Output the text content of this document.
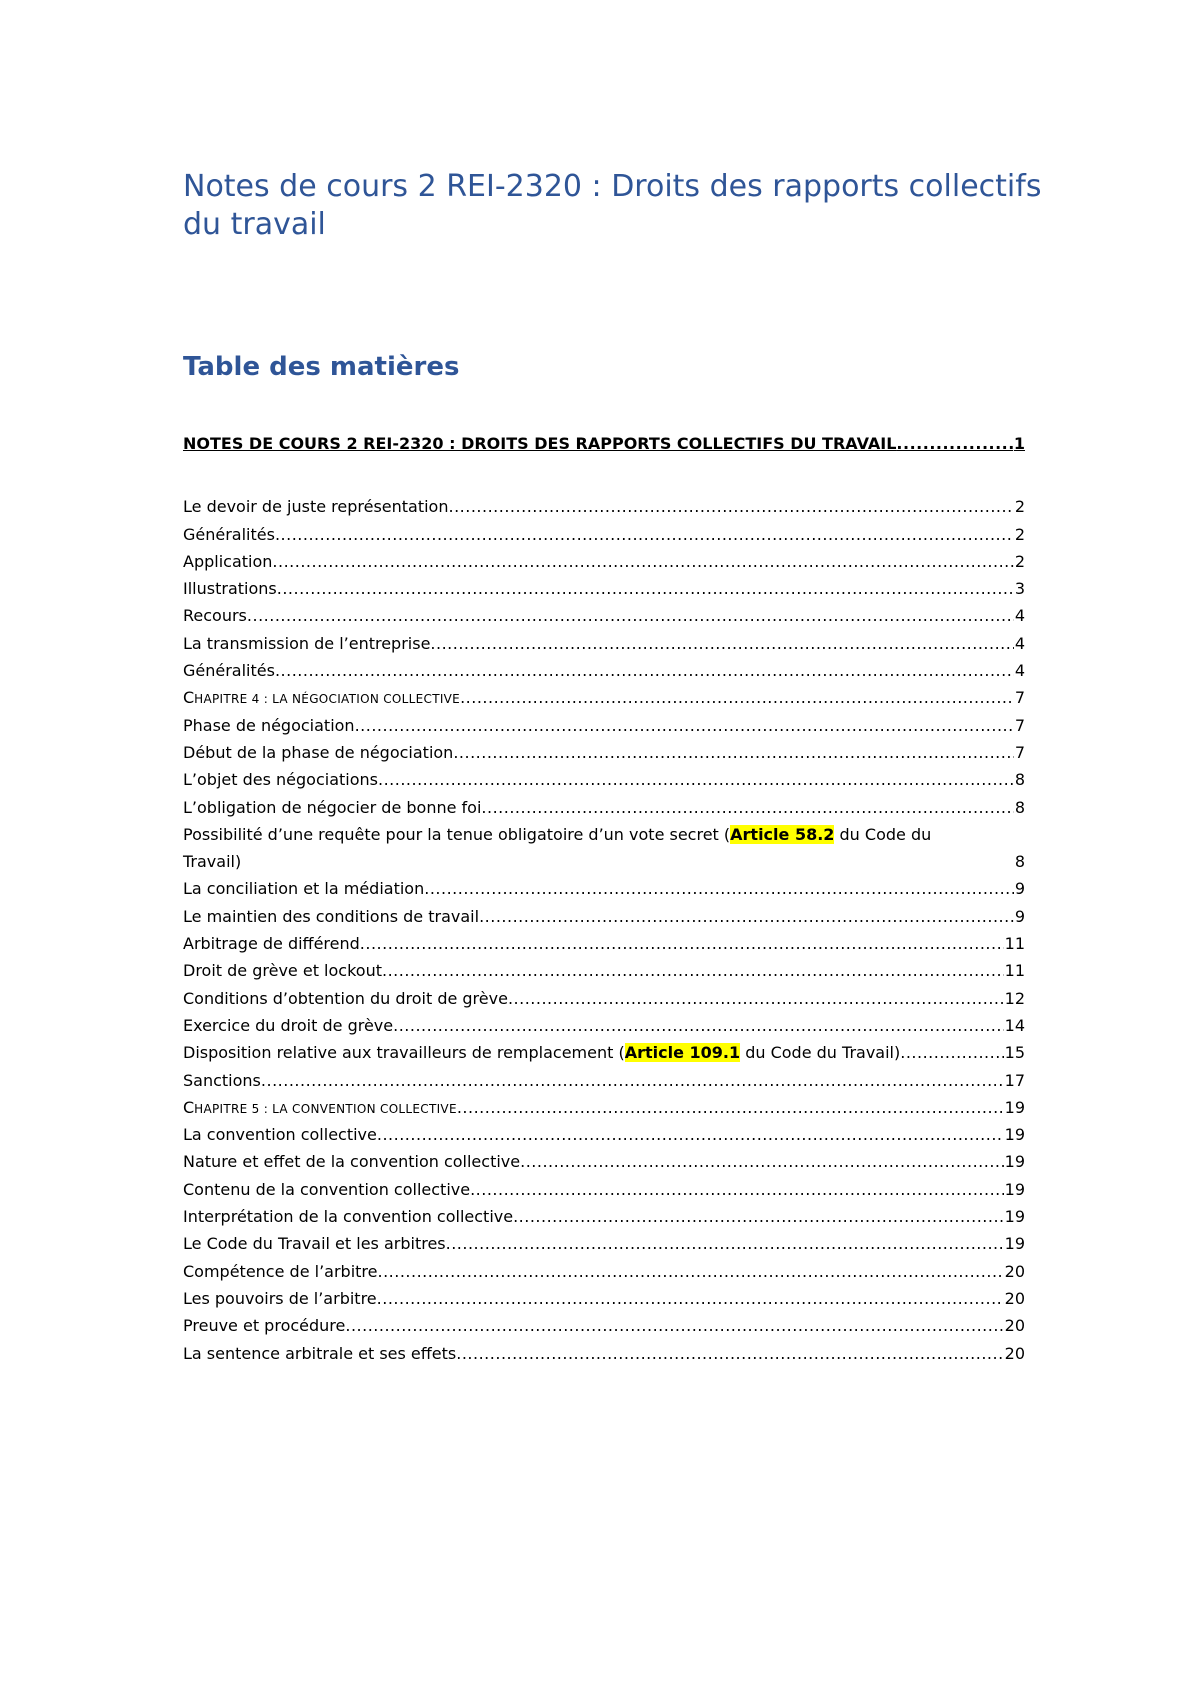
Notes de cours 2 REI-2320 : Droits des rapports collectifs du travail
Table des matières
NOTES DE COURS 2 REI-2320 : DROITS DES RAPPORTS COLLECTIFS DU TRAVAIL .....	1
Le devoir de juste représentation .....	2
Généralités .....	2
Application .....	2
Illustrations .....	3
Recours .....	4
La transmission de l’entreprise .....	4
Généralités .....	4
CHAPITRE 4 : LA NÉGOCIATION COLLECTIVE .....	7
Phase de négociation .....	7
Début de la phase de négociation .....	7
L’objet des négociations .....	8
L’obligation de négocier de bonne foi .....	8
Possibilité d’une requête pour la tenue obligatoire d’un vote secret (Article 58.2 du Code du
Travail)	8
La conciliation et la médiation .....	9
Le maintien des conditions de travail .....	9
Arbitrage de différend .....	11
Droit de grève et lockout .....	11
Conditions d’obtention du droit de grève .....	12
Exercice du droit de grève .....	14
Disposition relative aux travailleurs de remplacement (Article 109.1 du Code du Travail) .....	15
Sanctions .....	17
CHAPITRE 5 : LA CONVENTION COLLECTIVE .....	19
La convention collective .....	19
Nature et effet de la convention collective .....	19
Contenu de la convention collective .....	19
Interprétation de la convention collective .....	19
Le Code du Travail et les arbitres .....	19
Compétence de l’arbitre .....	20
Les pouvoirs de l’arbitre .....	20
Preuve et procédure .....	20
La sentence arbitrale et ses effets .....	20
